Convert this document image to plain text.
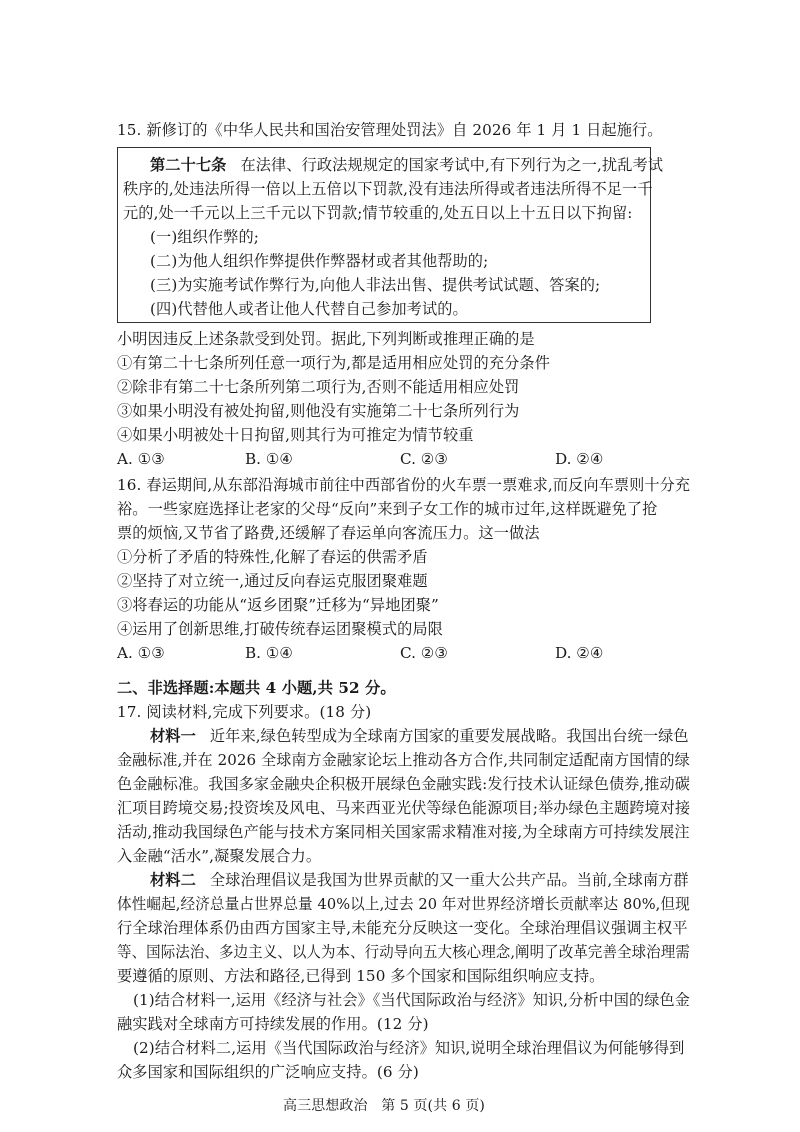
15. 新修订的《中华人民共和国治安管理处罚法》自 2026 年 1 月 1 日起施行。
第二十七条 在法律、行政法规规定的国家考试中,有下列行为之一,扰乱考试
秩序的,处违法所得一倍以上五倍以下罚款,没有违法所得或者违法所得不足一千
元的,处一千元以上三千元以下罚款;情节较重的,处五日以上十五日以下拘留:
(一)组织作弊的;
(二)为他人组织作弊提供作弊器材或者其他帮助的;
(三)为实施考试作弊行为,向他人非法出售、提供考试试题、答案的;
(四)代替他人或者让他人代替自己参加考试的。
小明因违反上述条款受到处罚。据此,下列判断或推理正确的是
①有第二十七条所列任意一项行为,都是适用相应处罚的充分条件
②除非有第二十七条所列第二项行为,否则不能适用相应处罚
③如果小明没有被处拘留,则他没有实施第二十七条所列行为
④如果小明被处十日拘留,则其行为可推定为情节较重
A. ①③	B. ①④	C. ②③	D. ②④
16. 春运期间,从东部沿海城市前往中西部省份的火车票一票难求,而反向车票则十分充
裕。一些家庭选择让老家的父母“反向”来到子女工作的城市过年,这样既避免了抢
票的烦恼,又节省了路费,还缓解了春运单向客流压力。这一做法
①分析了矛盾的特殊性,化解了春运的供需矛盾
②坚持了对立统一,通过反向春运克服团聚难题
③将春运的功能从“返乡团聚”迁移为“异地团聚”
④运用了创新思维,打破传统春运团聚模式的局限
A. ①③	B. ①④	C. ②③	D. ②④
二、非选择题:本题共 4 小题,共 52 分。
17. 阅读材料,完成下列要求。(18 分)
材料一 近年来,绿色转型成为全球南方国家的重要发展战略。我国出台统一绿色
金融标准,并在 2026 全球南方金融家论坛上推动各方合作,共同制定适配南方国情的绿
色金融标准。我国多家金融央企积极开展绿色金融实践:发行技术认证绿色债券,推动碳
汇项目跨境交易;投资埃及风电、马来西亚光伏等绿色能源项目;举办绿色主题跨境对接
活动,推动我国绿色产能与技术方案同相关国家需求精准对接,为全球南方可持续发展注
入金融“活水”,凝聚发展合力。
材料二 全球治理倡议是我国为世界贡献的又一重大公共产品。当前,全球南方群
体性崛起,经济总量占世界总量 40%以上,过去 20 年对世界经济增长贡献率达 80%,但现
行全球治理体系仍由西方国家主导,未能充分反映这一变化。全球治理倡议强调主权平
等、国际法治、多边主义、以人为本、行动导向五大核心理念,阐明了改革完善全球治理需
要遵循的原则、方法和路径,已得到 150 多个国家和国际组织响应支持。
(1)结合材料一,运用《经济与社会》《当代国际政治与经济》知识,分析中国的绿色金
融实践对全球南方可持续发展的作用。(12 分)
(2)结合材料二,运用《当代国际政治与经济》知识,说明全球治理倡议为何能够得到
众多国家和国际组织的广泛响应支持。(6 分)
高三思想政治   第 5 页(共 6 页)
